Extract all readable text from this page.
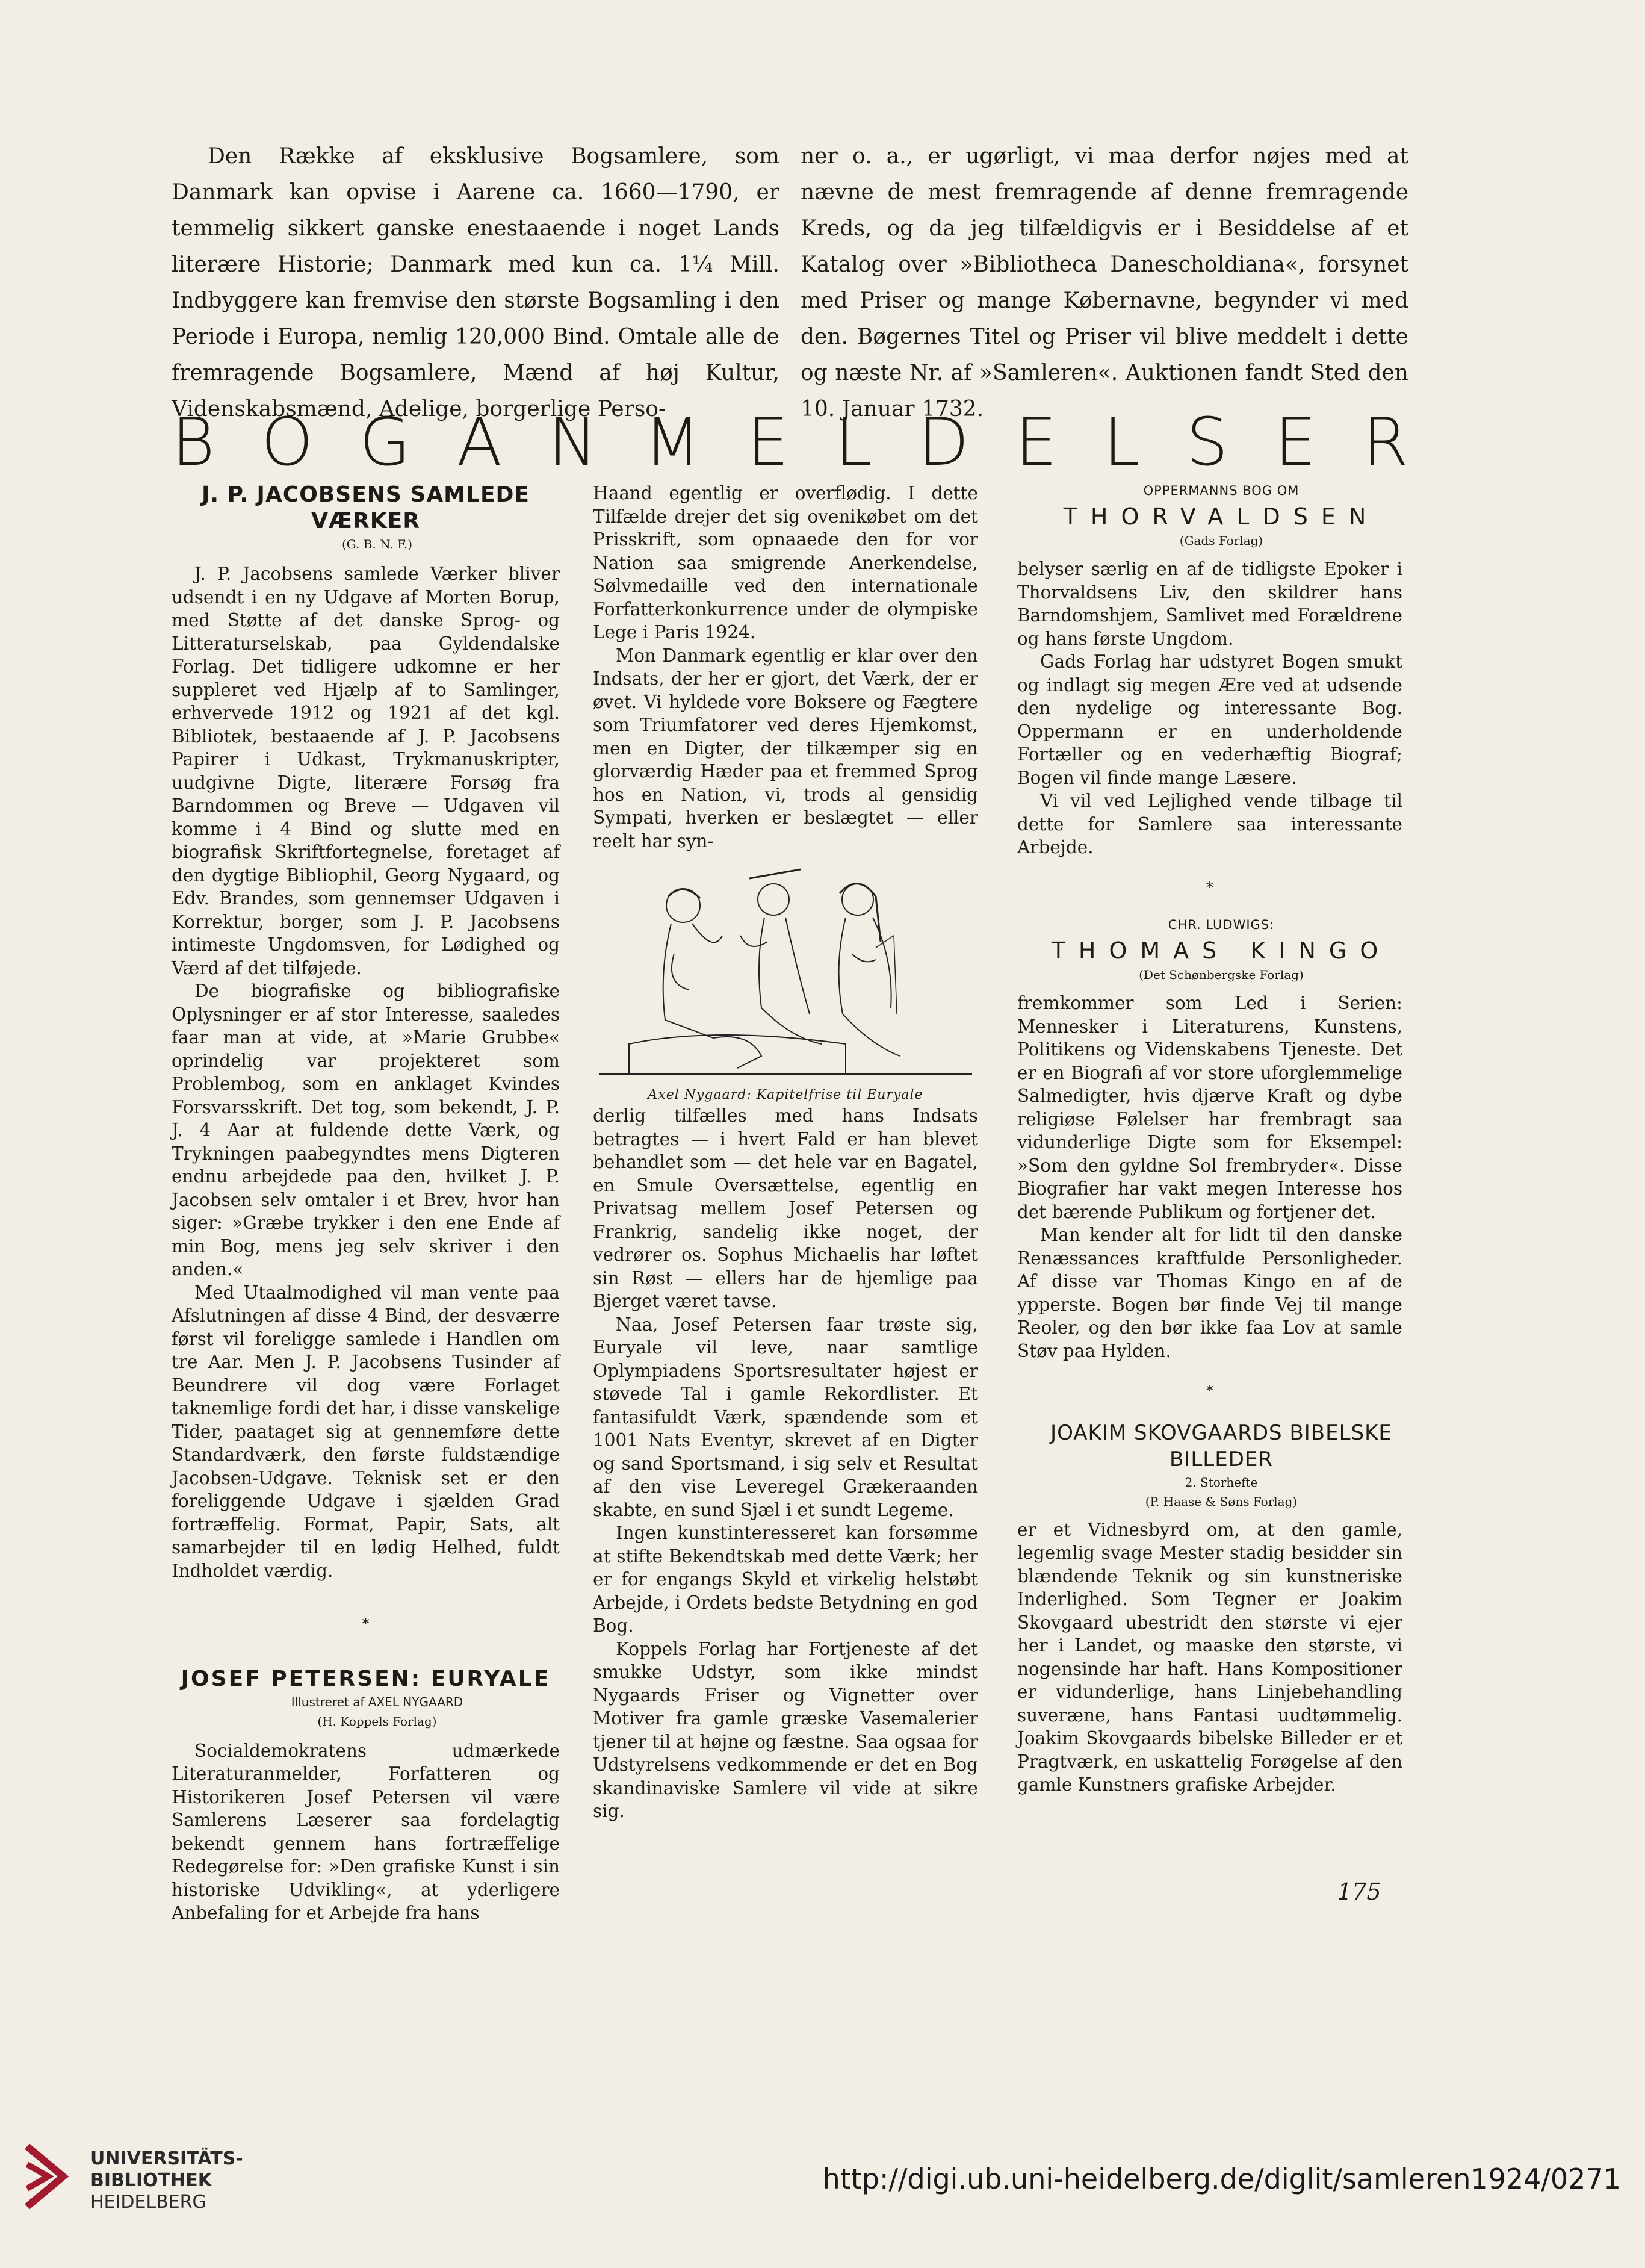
Den Række af eksklusive Bogsamlere, som Danmark kan opvise i Aarene ca. 1660—1790, er temmelig sikkert ganske enestaaende i noget Lands literære Historie; Danmark med kun ca. 1¼ Mill. Indbyggere kan fremvise den største Bogsamling i den Periode i Europa, nemlig 120,000 Bind. Omtale alle de fremragende Bogsamlere, Mænd af høj Kultur, Videnskabsmænd, Adelige, borgerlige Perso-

ner o. a., er ugørligt, vi maa derfor nøjes med at nævne de mest fremragende af denne fremragende Kreds, og da jeg tilfældigvis er i Besiddelse af et Katalog over »Bibliotheca Danescholdiana«, forsynet med Priser og mange Købernavne, begynder vi med den. Bøgernes Titel og Priser vil blive meddelt i dette og næste Nr. af »Samleren«. Auktionen fandt Sted den 10. Januar 1732.

B O G A N M E L D E L S E R
J. P. JACOBSENS SAMLEDE VÆRKER

(G. B. N. F.)

J. P. Jacobsens samlede Værker bliver udsendt i en ny Udgave af Morten Borup, med Støtte af det danske Sprog- og Litteraturselskab, paa Gyldendalske Forlag. Det tidligere udkomne er her suppleret ved Hjælp af to Samlinger, erhvervede 1912 og 1921 af det kgl. Bibliotek, bestaaende af J. P. Jacobsens Papirer i Udkast, Trykmanuskripter, uudgivne Digte, literære Forsøg fra Barndommen og Breve — Udgaven vil komme i 4 Bind og slutte med en biografisk Skriftfortegnelse, foretaget af den dygtige Bibliophil, Georg Nygaard, og Edv. Brandes, som gennemser Udgaven i Korrektur, borger, som J. P. Jacobsens intimeste Ungdomsven, for Lødighed og Værd af det tilføjede.

De biografiske og bibliografiske Oplysninger er af stor Interesse, saaledes faar man at vide, at »Marie Grubbe« oprindelig var projekteret som Problembog, som en anklaget Kvindes Forsvarsskrift. Det tog, som bekendt, J. P. J. 4 Aar at fuldende dette Værk, og Trykningen paabegyndtes mens Digteren endnu arbejdede paa den, hvilket J. P. Jacobsen selv omtaler i et Brev, hvor han siger: »Græbe trykker i den ene Ende af min Bog, mens jeg selv skriver i den anden.«

Med Utaalmodighed vil man vente paa Afslutningen af disse 4 Bind, der desværre først vil foreligge samlede i Handlen om tre Aar. Men J. P. Jacobsens Tusinder af Beundrere vil dog være Forlaget taknemlige fordi det har, i disse vanskelige Tider, paataget sig at gennemføre dette Standardværk, den første fuldstændige Jacobsen-Udgave. Teknisk set er den foreliggende Udgave i sjælden Grad fortræffelig. Format, Papir, Sats, alt samarbejder til en lødig Helhed, fuldt Indholdet værdig.

*
JOSEF PETERSEN: EURYALE

Illustreret af AXEL NYGAARD

(H. Koppels Forlag)

Socialdemokratens udmærkede Literaturanmelder, Forfatteren og Historikeren Josef Petersen vil være Samlerens Læserer saa fordelagtig bekendt gennem hans fortræffelige Redegørelse for: »Den grafiske Kunst i sin historiske Udvikling«, at yderligere Anbefaling for et Arbejde fra hans

Haand egentlig er overflødig. I dette Tilfælde drejer det sig ovenikøbet om det Prisskrift, som opnaaede den for vor Nation saa smigrende Anerkendelse, Sølvmedaille ved den internationale Forfatterkonkurrence under de olympiske Lege i Paris 1924.

Mon Danmark egentlig er klar over den Indsats, der her er gjort, det Værk, der er øvet. Vi hyldede vore Boksere og Fægtere som Triumfatorer ved deres Hjemkomst, men en Digter, der tilkæmper sig en glorværdig Hæder paa et fremmed Sprog hos en Nation, vi, trods al gensidig Sympati, hverken er beslægtet — eller reelt har syn-

Axel Nygaard: Kapitelfrise til Euryale

derlig tilfælles med hans Indsats betragtes — i hvert Fald er han blevet behandlet som — det hele var en Bagatel, en Smule Oversættelse, egentlig en Privatsag mellem Josef Petersen og Frankrig, sandelig ikke noget, der vedrører os. Sophus Michaelis har løftet sin Røst — ellers har de hjemlige paa Bjerget været tavse.

Naa, Josef Petersen faar trøste sig, Euryale vil leve, naar samtlige Oplympiadens Sportsresultater højest er støvede Tal i gamle Rekordlister. Et fantasifuldt Værk, spændende som et 1001 Nats Eventyr, skrevet af en Digter og sand Sportsmand, i sig selv et Resultat af den vise Leveregel Grækeraanden skabte, en sund Sjæl i et sundt Legeme.

Ingen kunstinteresseret kan forsømme at stifte Bekendtskab med dette Værk; her er for engangs Skyld et virkelig helstøbt Arbejde, i Ordets bedste Betydning en god Bog.

Koppels Forlag har Fortjeneste af det smukke Udstyr, som ikke mindst Nygaards Friser og Vignetter over Motiver fra gamle græske Vasemalerier tjener til at højne og fæstne. Saa ogsaa for Udstyrelsens vedkommende er det en Bog skandinaviske Samlere vil vide at sikre sig.

OPPERMANNS BOG OM

THORVALDSEN

(Gads Forlag)

belyser særlig en af de tidligste Epoker i Thorvaldsens Liv, den skildrer hans Barndomshjem, Samlivet med Forældrene og hans første Ungdom.

Gads Forlag har udstyret Bogen smukt og indlagt sig megen Ære ved at udsende den nydelige og interessante Bog. Oppermann er en underholdende Fortæller og en vederhæftig Biograf; Bogen vil finde mange Læsere.

Vi vil ved Lejlighed vende tilbage til dette for Samlere saa interessante Arbejde.

*

CHR. LUDWIGS:

THOMAS KINGO

(Det Schønbergske Forlag)

fremkommer som Led i Serien: Mennesker i Literaturens, Kunstens, Politikens og Videnskabens Tjeneste. Det er en Biografi af vor store uforglemmelige Salmedigter, hvis djærve Kraft og dybe religiøse Følelser har frembragt saa vidunderlige Digte som for Eksempel: »Som den gyldne Sol frembryder«. Disse Biografier har vakt megen Interesse hos det bærende Publikum og fortjener det.

Man kender alt for lidt til den danske Renæssances kraftfulde Personligheder. Af disse var Thomas Kingo en af de ypperste. Bogen bør finde Vej til mange Reoler, og den bør ikke faa Lov at samle Støv paa Hylden.

*

JOAKIM SKOVGAARDS BIBELSKE

BILLEDER

2. Storhefte

(P. Haase & Søns Forlag)

er et Vidnesbyrd om, at den gamle, legemlig svage Mester stadig besidder sin blændende Teknik og sin kunstneriske Inderlighed. Som Tegner er Joakim Skovgaard ubestridt den største vi ejer her i Landet, og maaske den største, vi nogensinde har haft. Hans Kompositioner er vidunderlige, hans Linjebehandling suveræne, hans Fantasi uudtømmelig. Joakim Skovgaards bibelske Billeder er et Pragtværk, en uskattelig Forøgelse af den gamle Kunstners grafiske Arbejder.

175
UNIVERSITÄTS-
BIBLIOTHEK
HEIDELBERG
http://digi.ub.uni-heidelberg.de/diglit/samleren1924/0271
